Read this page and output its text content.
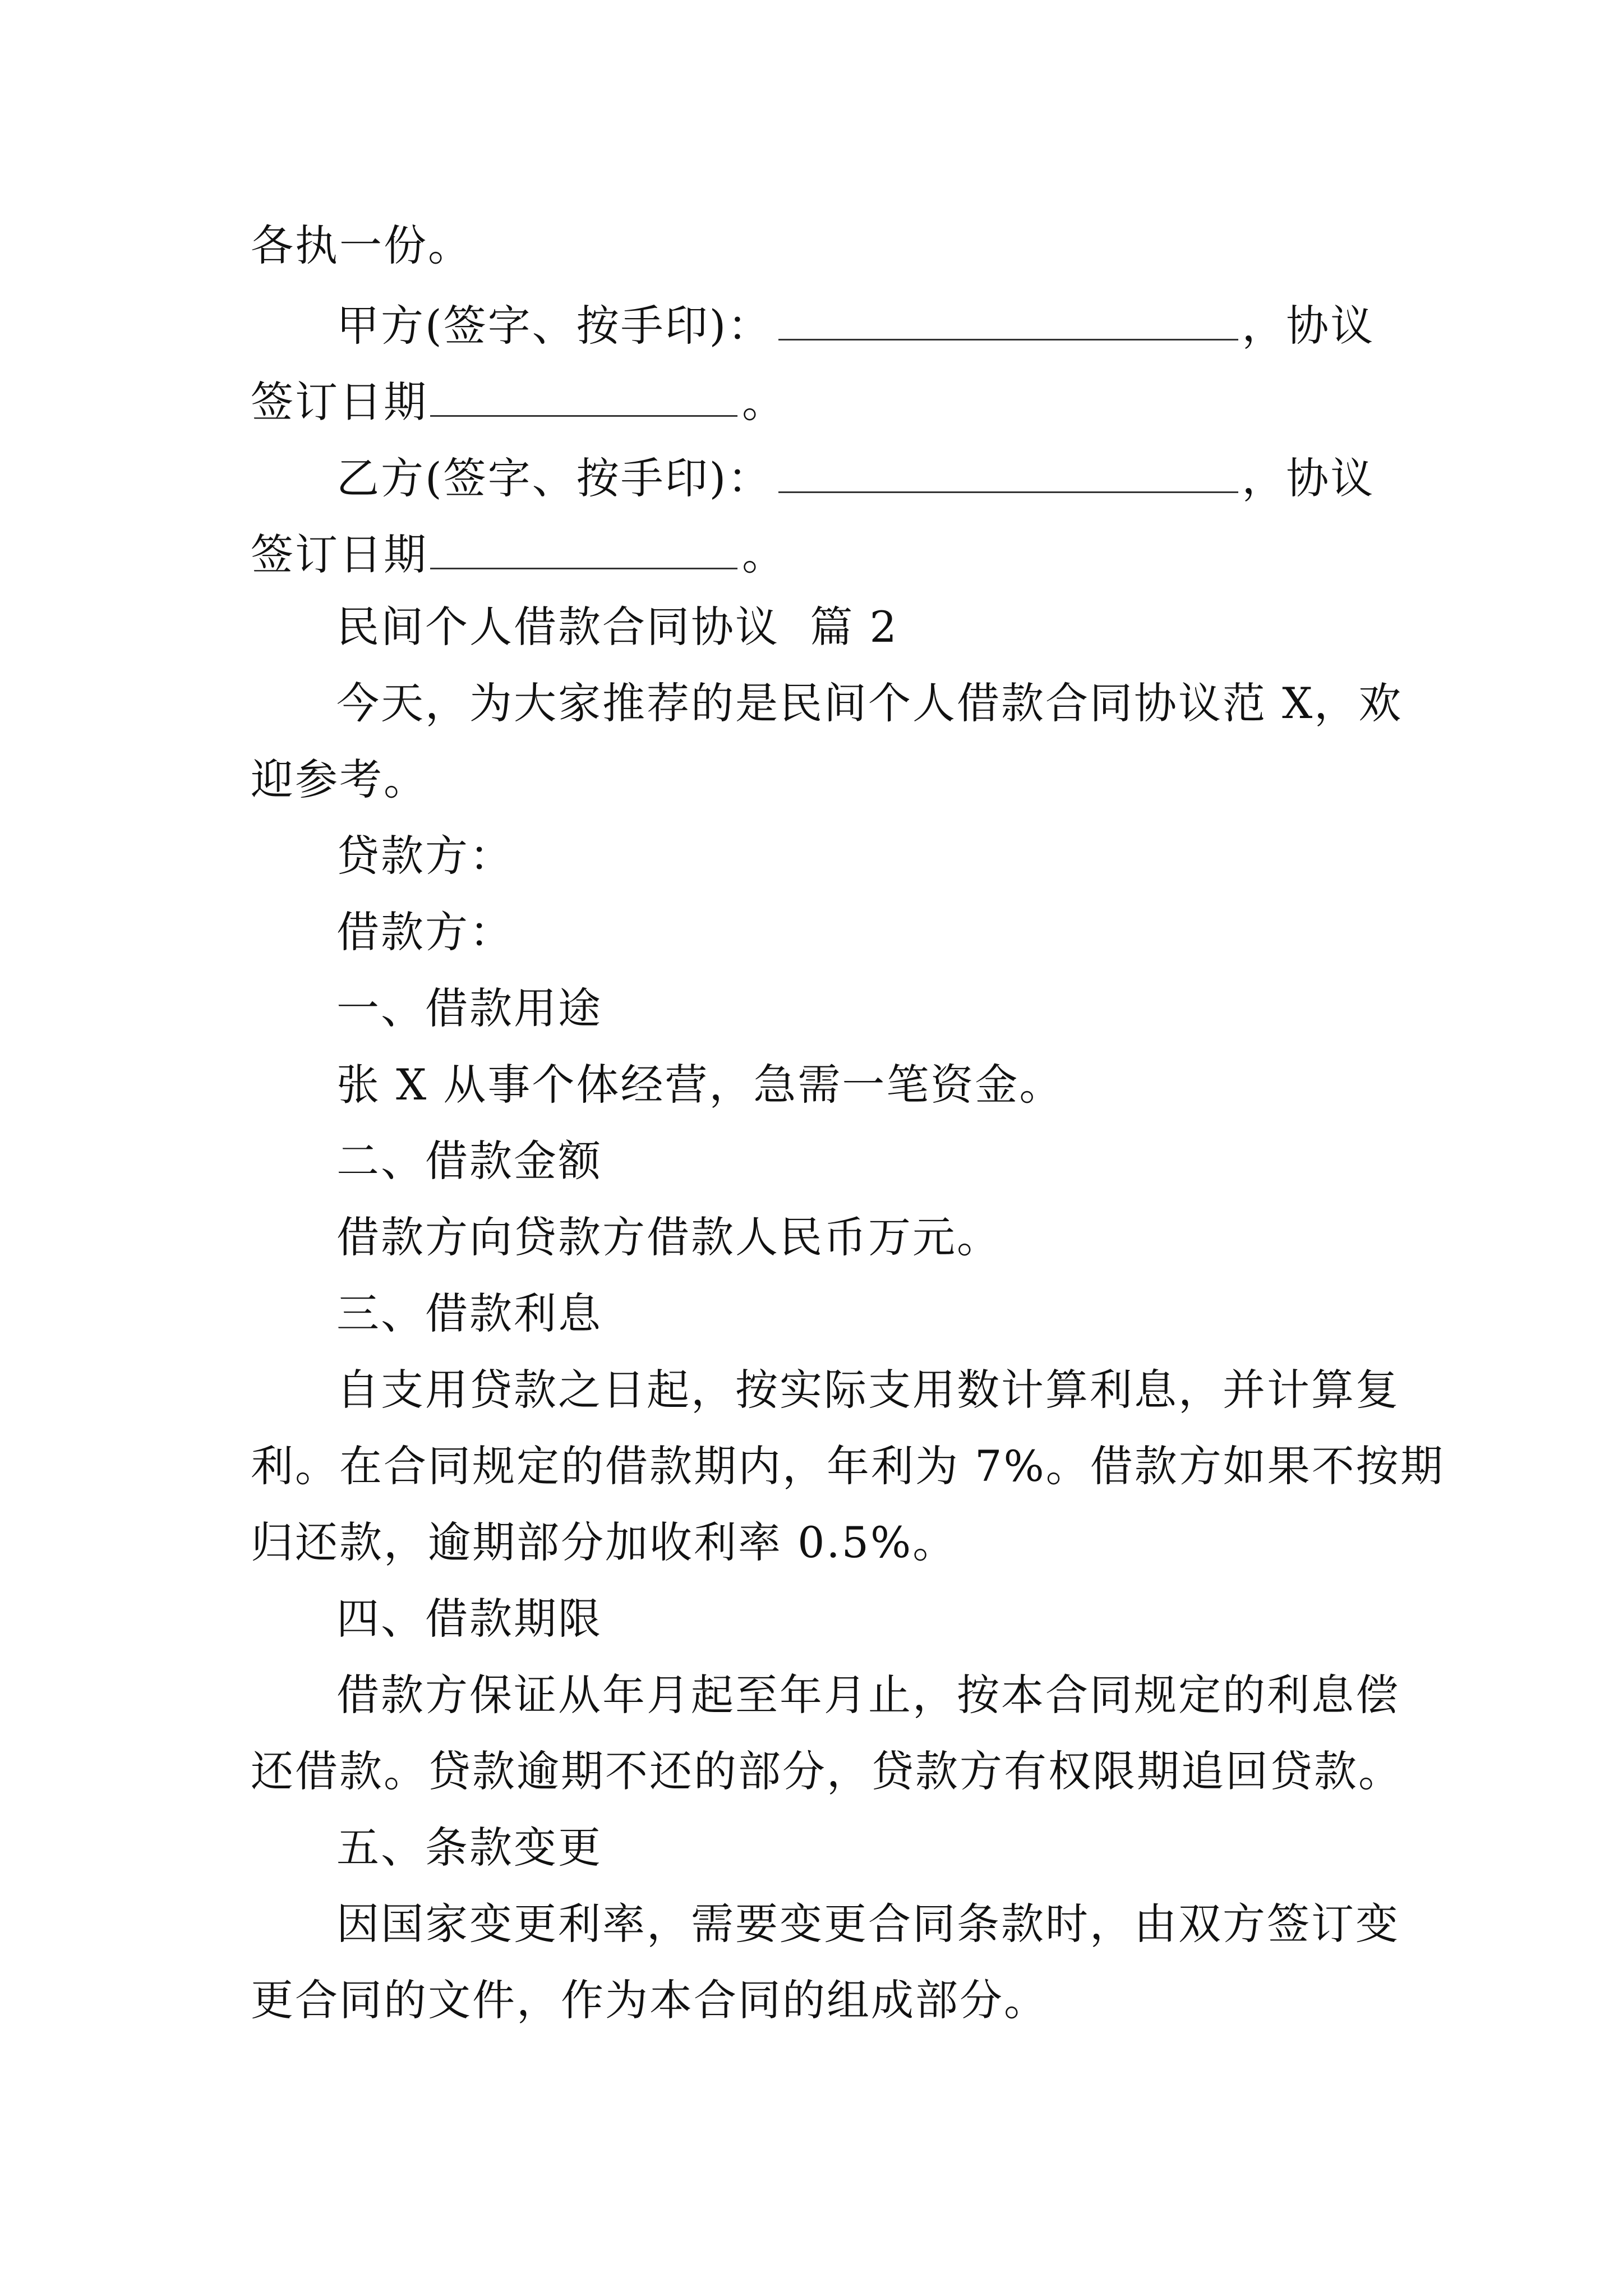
各执一份。
甲方(签字、按手印)：	，协议
签订日期	。
乙方(签字、按手印)：	，协议
签订日期	。
民间个人借款合同协议  篇 2
今天，为大家推荐的是民间个人借款合同协议范 X，欢
迎参考。
贷款方：
借款方：
一、借款用途
张 X 从事个体经营，急需一笔资金。
二、借款金额
借款方向贷款方借款人民币万元。
三、借款利息
自支用贷款之日起，按实际支用数计算利息，并计算复
利。在合同规定的借款期内，年利为 7%。借款方如果不按期
归还款，逾期部分加收利率 0.5%。
四、借款期限
借款方保证从年月起至年月止，按本合同规定的利息偿
还借款。贷款逾期不还的部分，贷款方有权限期追回贷款。
五、条款变更
因国家变更利率，需要变更合同条款时，由双方签订变
更合同的文件，作为本合同的组成部分。
